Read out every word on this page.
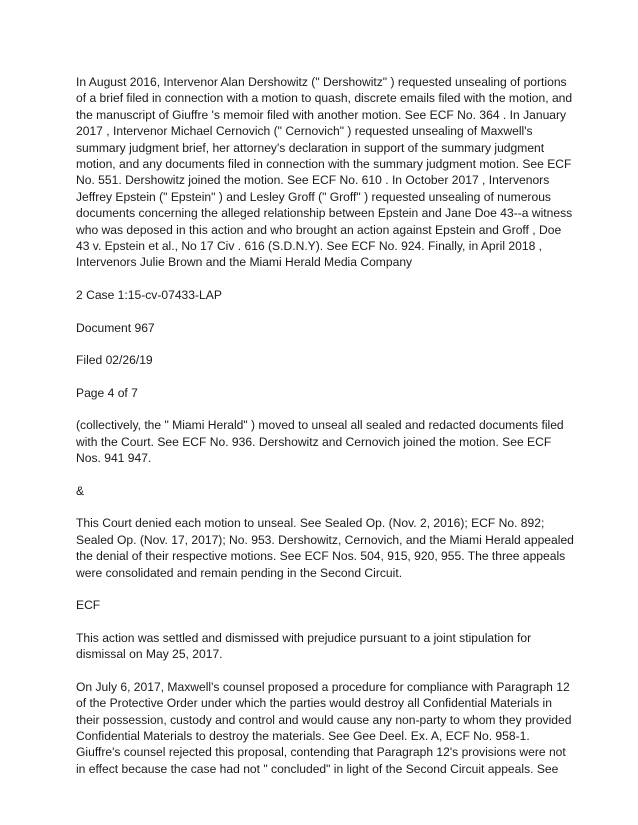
In August 2016, Intervenor Alan Dershowitz (" Dershowitz" ) requested unsealing of portions of a brief filed in connection with a motion to quash, discrete emails filed with the motion, and the manuscript of Giuffre 's memoir filed with another motion. See ECF No. 364 . In January 2017 , Intervenor Michael Cernovich (" Cernovich" ) requested unsealing of Maxwell's summary judgment brief, her attorney's declaration in support of the summary judgment motion, and any documents filed in connection with the summary judgment motion. See ECF No. 551. Dershowitz joined the motion. See ECF No. 610 . In October 2017 , Intervenors Jeffrey Epstein (" Epstein" ) and Lesley Groff (" Groff" ) requested unsealing of numerous documents concerning the alleged relationship between Epstein and Jane Doe 43--a witness who was deposed in this action and who brought an action against Epstein and Groff , Doe 43 v. Epstein et al., No 17 Civ . 616 (S.D.N.Y). See ECF No. 924. Finally, in April 2018 , Intervenors Julie Brown and the Miami Herald Media Company

2 Case 1:15-cv-07433-LAP

Document 967

Filed 02/26/19

Page 4 of 7

(collectively, the " Miami Herald" ) moved to unseal all sealed and redacted documents filed with the Court. See ECF No. 936. Dershowitz and Cernovich joined the motion. See ECF Nos. 941 947.

&

This Court denied each motion to unseal. See Sealed Op. (Nov. 2, 2016); ECF No. 892; Sealed Op. (Nov. 17, 2017); No. 953. Dershowitz, Cernovich, and the Miami Herald appealed the denial of their respective motions. See ECF Nos. 504, 915, 920, 955. The three appeals were consolidated and remain pending in the Second Circuit.

ECF

This action was settled and dismissed with prejudice pursuant to a joint stipulation for dismissal on May 25, 2017.

On July 6, 2017, Maxwell's counsel proposed a procedure for compliance with Paragraph 12 of the Protective Order under which the parties would destroy all Confidential Materials in their possession, custody and control and would cause any non-party to whom they provided Confidential Materials to destroy the materials. See Gee Deel. Ex. A, ECF No. 958-1. Giuffre's counsel rejected this proposal, contending that Paragraph 12's provisions were not in effect because the case had not " concluded" in light of the Second Circuit appeals. See
